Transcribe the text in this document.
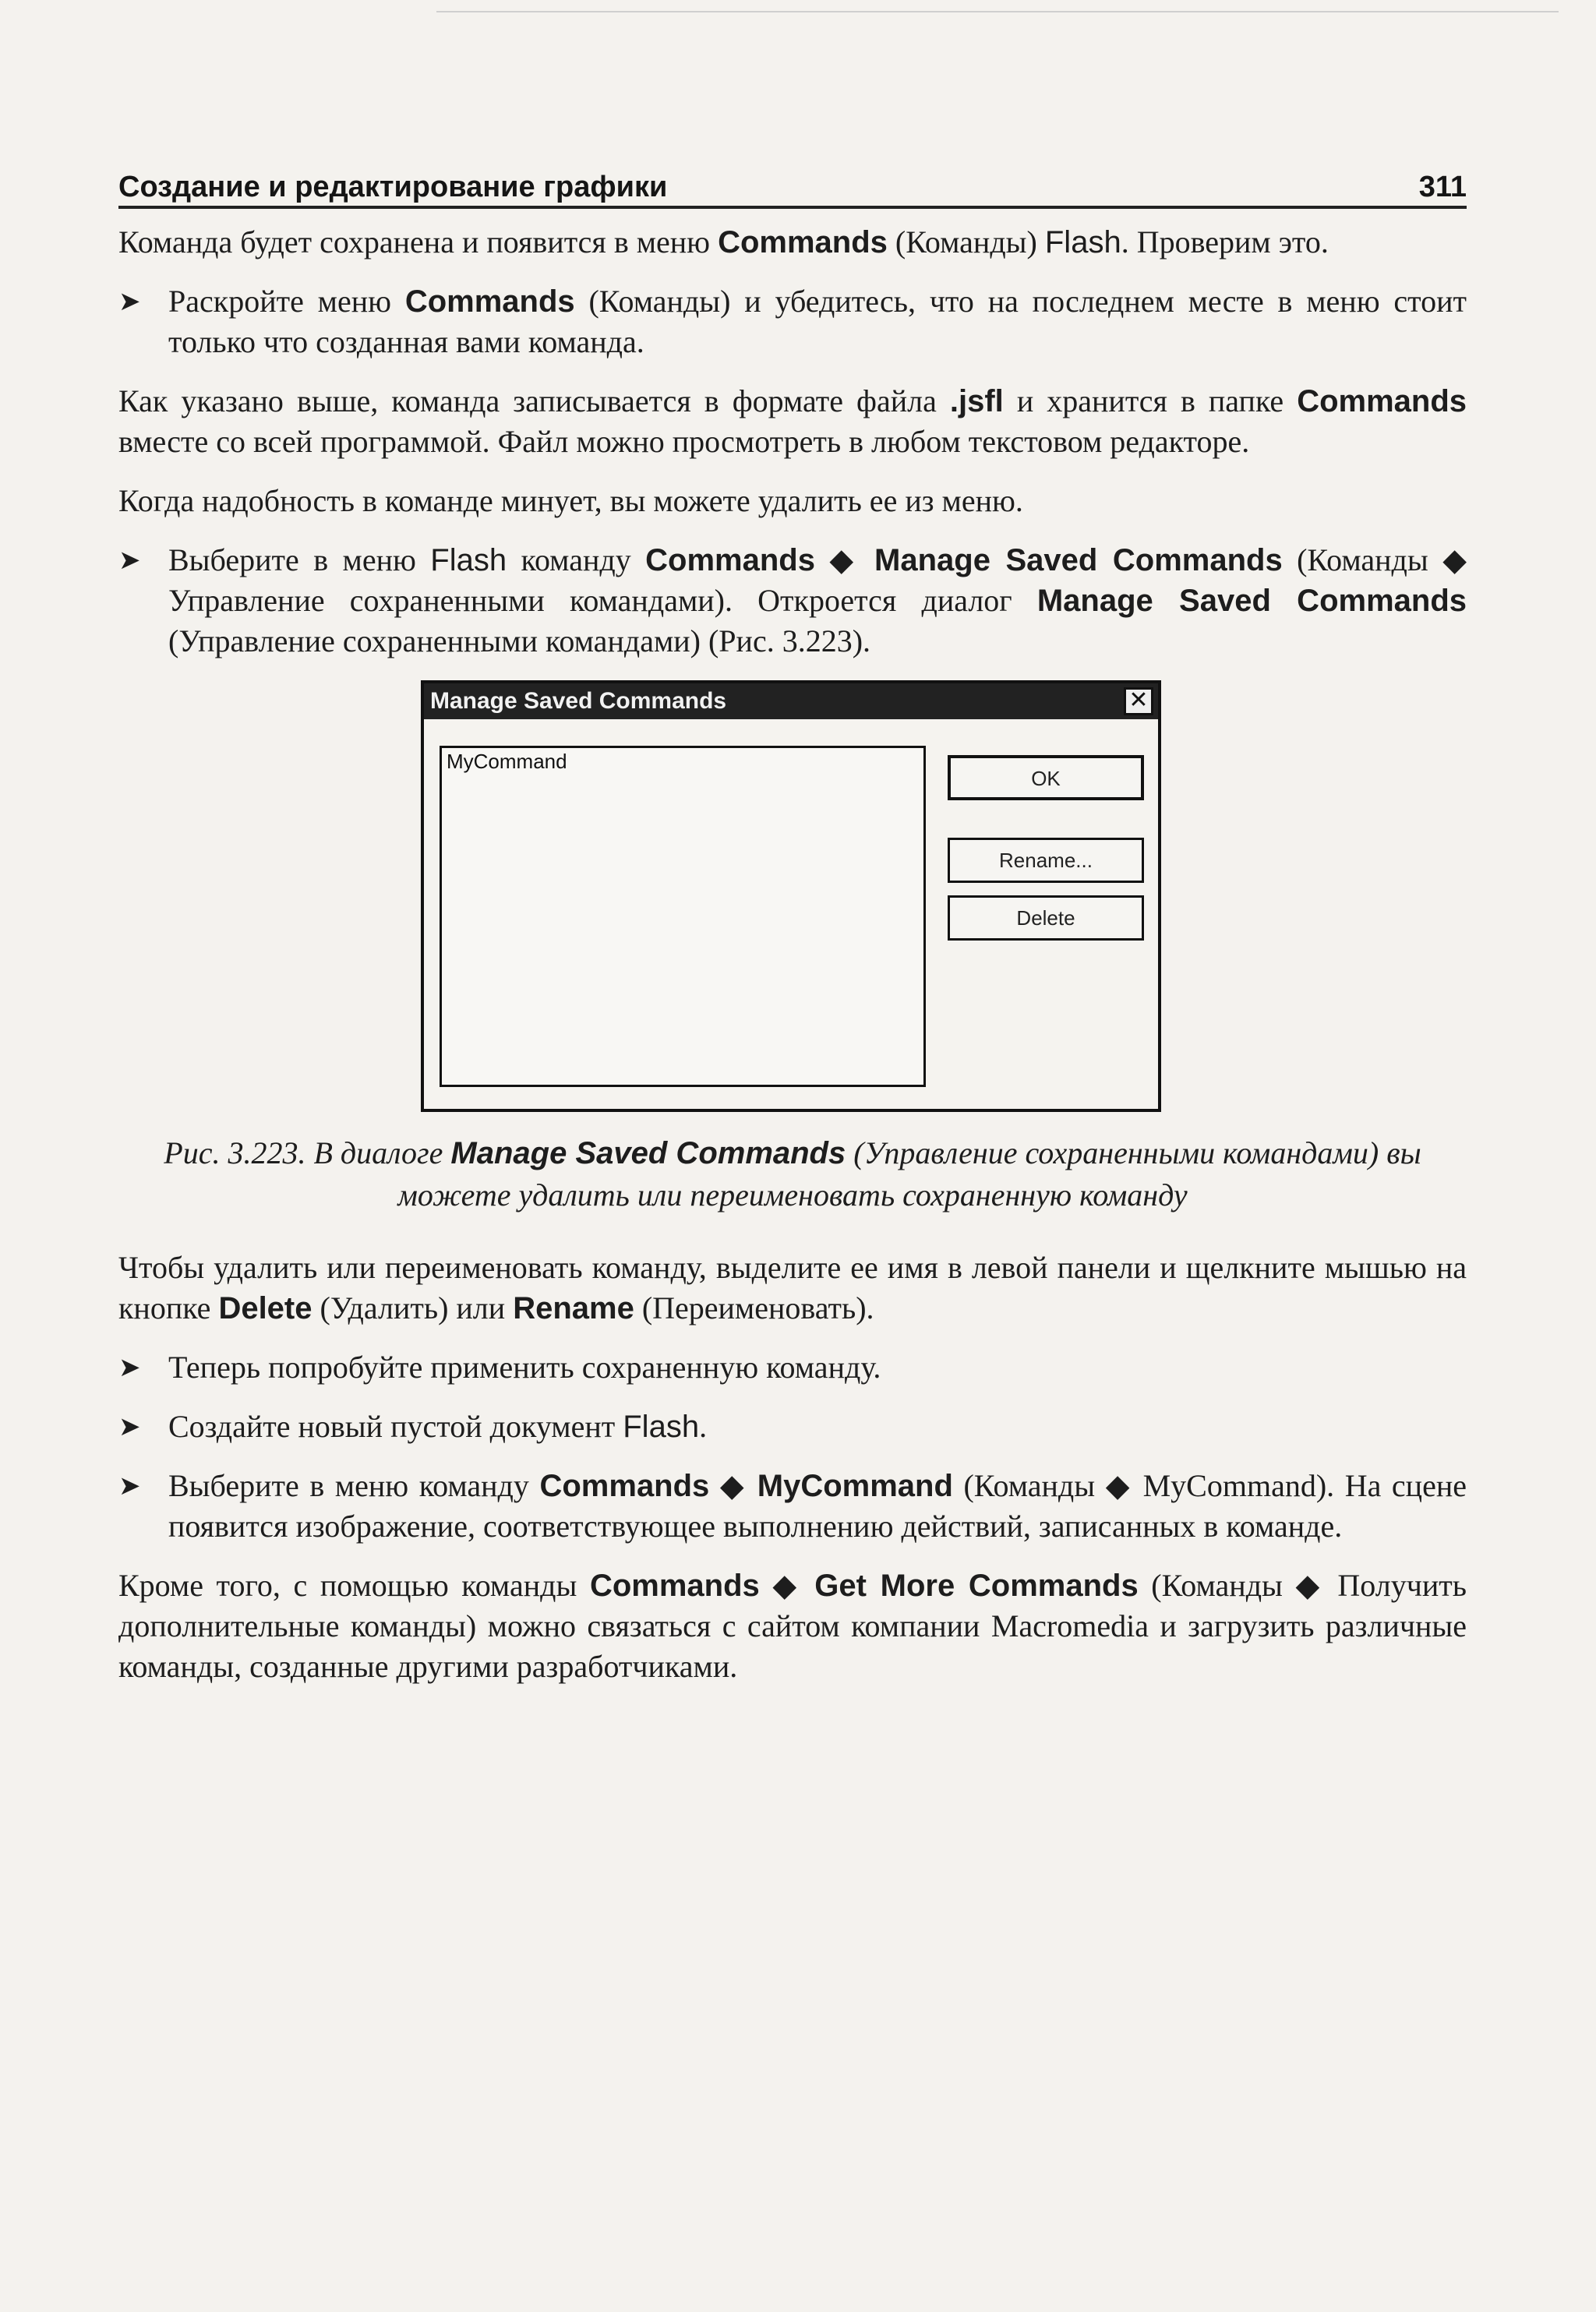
Создание и редактирование графики	311

Команда будет сохранена и появится в меню Commands (Команды) Flash. Проверим это.

➤ Раскройте меню Commands (Команды) и убедитесь, что на последнем месте в меню стоит только что созданная вами команда.

Как указано выше, команда записывается в формате файла .jsfl и хранится в папке Commands вместе со всей программой. Файл можно просмотреть в любом текстовом редакторе.

Когда надобность в команде минует, вы можете удалить ее из меню.

➤ Выберите в меню Flash команду Commands ◆ Manage Saved Commands (Команды ◆ Управление сохраненными командами). Откроется диалог Manage Saved Commands (Управление сохраненными командами) (Рис. 3.223).
Manage Saved Commands	✕
MyCommand
OK
Rename...
Delete
Рис. 3.223. В диалоге Manage Saved Commands (Управление сохраненными командами) вы можете удалить или переименовать сохраненную команду

Чтобы удалить или переименовать команду, выделите ее имя в левой панели и щелкните мышью на кнопке Delete (Удалить) или Rename (Переименовать).

➤ Теперь попробуйте применить сохраненную команду.
➤ Создайте новый пустой документ Flash.
➤ Выберите в меню команду Commands ◆ MyCommand (Команды ◆ MyCommand). На сцене появится изображение, соответствующее выполнению действий, записанных в команде.

Кроме того, с помощью команды Commands ◆ Get More Commands (Команды ◆ Получить дополнительные команды) можно связаться с сайтом компании Macromedia и загрузить различные команды, созданные другими разработчиками.
